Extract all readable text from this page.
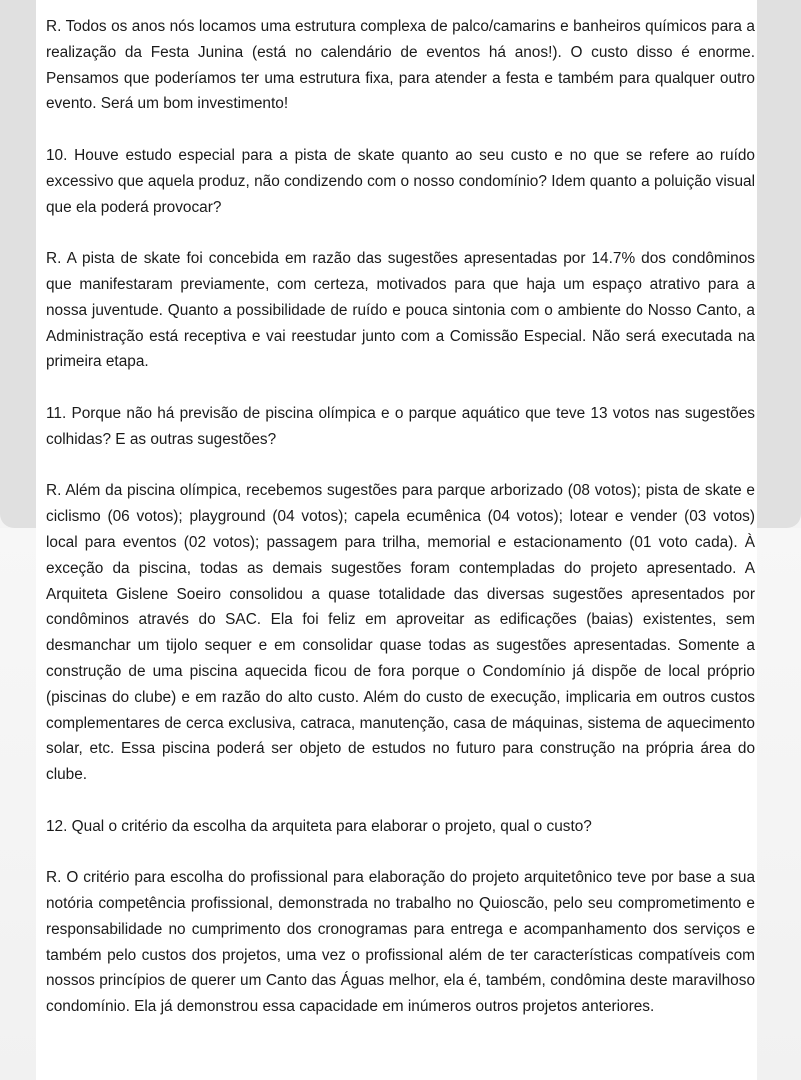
R. Todos os anos nós locamos uma estrutura complexa de palco/camarins e banheiros químicos para a realização da Festa Junina (está no calendário de eventos há anos!). O custo disso é enorme. Pensamos que poderíamos ter uma estrutura fixa, para atender a festa e também para qualquer outro evento. Será um bom investimento!

10. Houve estudo especial para a pista de skate quanto ao seu custo e no que se refere ao ruído excessivo que aquela produz, não condizendo com o nosso condomínio? Idem quanto a poluição visual que ela poderá provocar?

R. A pista de skate foi concebida em razão das sugestões apresentadas por 14.7% dos condôminos que manifestaram previamente, com certeza, motivados para que haja um espaço atrativo para a nossa juventude. Quanto a possibilidade de ruído e pouca sintonia com o ambiente do Nosso Canto, a Administração está receptiva e vai reestudar junto com a Comissão Especial. Não será executada na primeira etapa.

11. Porque não há previsão de piscina olímpica e o parque aquático que teve 13 votos nas sugestões colhidas? E as outras sugestões?

R. Além da piscina olímpica, recebemos sugestões para parque arborizado (08 votos); pista de skate e ciclismo (06 votos); playground (04 votos); capela ecumênica (04 votos); lotear e vender (03 votos) local para eventos (02 votos); passagem para trilha, memorial e estacionamento (01 voto cada). À exceção da piscina, todas as demais sugestões foram contempladas do projeto apresentado. A Arquiteta Gislene Soeiro consolidou a quase totalidade das diversas sugestões apresentados por condôminos através do SAC. Ela foi feliz em aproveitar as edificações (baias) existentes, sem desmanchar um tijolo sequer e em consolidar quase todas as sugestões apresentadas. Somente a construção de uma piscina aquecida ficou de fora porque o Condomínio já dispõe de local próprio (piscinas do clube) e em razão do alto custo. Além do custo de execução, implicaria em outros custos complementares de cerca exclusiva, catraca, manutenção, casa de máquinas, sistema de aquecimento solar, etc. Essa piscina poderá ser objeto de estudos no futuro para construção na própria área do clube.

12. Qual o critério da escolha da arquiteta para elaborar o projeto, qual o custo?

R. O critério para escolha do profissional para elaboração do projeto arquitetônico teve por base a sua notória competência profissional, demonstrada no trabalho no Quioscão, pelo seu comprometimento e responsabilidade no cumprimento dos cronogramas para entrega e acompanhamento dos serviços e também pelo custos dos projetos, uma vez o profissional além de ter características compatíveis com nossos princípios de querer um Canto das Águas melhor, ela é, também, condômina deste maravilhoso condomínio. Ela já demonstrou essa capacidade em inúmeros outros projetos anteriores.
